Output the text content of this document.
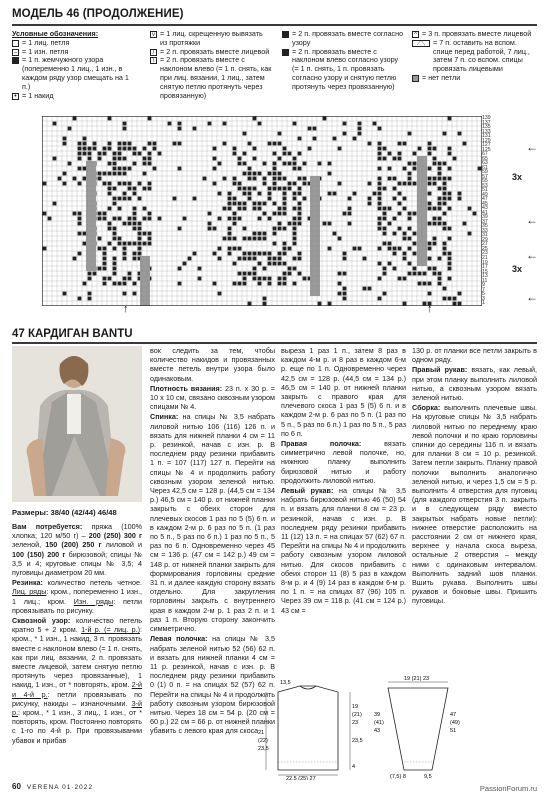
МОДЕЛЬ 46 (ПРОДОЛЖЕНИЕ)
Условные обозначения:
= 1 лиц. петля
– = 1 изн. петля
= 1 п. жемчужного узора (попеременно 1 лиц., 1 изн., в каждом ряду узор смещать на 1 п.)
•
= 1 накид
v
= 1 лиц. скрещенную вывязать из протяжки
/ = 2 п. провязать вместе лицевой
\ = 2 п. провязать вместе с наклоном влево (= 1 п. снять, как при лиц. вязании, 1 лиц., затем снятую петлю протянуть через провязанную)
= 2 п. провязать вместе согласно узору
= 2 п. провязать вместе с наклоном влево согласно узору (= 1 п. снять, 1 п. провязать согласно узору и снятую петлю протянуть через провязанную)
^ = 3 п. провязать вместе лицевой
⟋⟍	= 7 п. оставить на вспом. спице перед работой, 7 лиц., затем 7 п. со вспом. спицы провязать лицевыми
= нет петли
139
137
135
133
131
129
127
125
67
65
63
61
59
57
55
53
51
49
47
45
43
41
39
37
35
33
31
29
27
25
23
21
19
17
15
13
11
9
7
5
3
1
3x
3x
←
←
←
←
↑	↑
47 КАРДИГАН BANTU
Размеры: 38/40 (42/44) 46/48

Вам потребуется: пряжа (100% хлопка; 120 м/50 г) – 200 (250) 300 г зеленой, 150 (200) 250 г лиловой и 100 (150) 200 г бирюзовой; спицы № 3,5 и 4; круговые спицы № 3,5; 4 пуговицы диаметром 20 мм.

Резинка: количество петель четное. Лиц. ряды: кром., попеременно 1 изн., 1 лиц.; кром. Изн. ряды: петли провязывать по рисунку.

Сквозной узор: количество петель кратно 5 + 2 кром. 1-й р. (= лиц. р.): кром., * 1 изн., 1 накид, 3 п. провязать вместе с наклоном влево (= 1 п. снять, как при лиц. вязании, 2 п. провязать вместе лицевой, затем снятую петлю протянуть через провязанные), 1 накид, 1 изн., от * повторять, кром. 2-й и 4-й р.: петли провязывать по рисунку, накиды – изнаночными. 3-й р.: кром., * 1 изн., 3 лиц., 1 изн., от * повторять, кром. Постоянно повторять с 1-го по 4-й р. При провязывании убавок и прибав

вок следить за тем, чтобы количество накидов и провязанных вместе петель внутри узора было одинаковым.

Плотность вязания: 23 п. x 30 р. = 10 x 10 см, связано сквозным узором спицами № 4.

Спинка: на спицы № 3,5 набрать лиловой нитью 106 (116) 126 п. и вязать для нижней планки 4 см = 11 р. резинкой, начав с изн. р. В последнем ряду резинки прибавить 1 п. = 107 (117) 127 п. Перейти на спицы № 4 и продолжить работу сквозным узором зеленой нитью. Через 42,5 см = 128 р. (44,5 см = 134 р.) 46,5 см = 140 р. от нижней планки закрыть с обеих сторон для плечевых скосов 1 раз по 5 (5) 6 п. и в каждом 2-м р. 6 раз по 5 п. (1 раз по 5 п., 5 раз по 6 п.) 1 раз по 5 п., 5 раз по 6 п. Одновременно через 45 см = 136 р. (47 см = 142 р.) 49 см = 148 р. от нижней планки закрыть для формирования горловины средние 31 п. и далее каждую сторону вязать отдельно. Для закругления горловины закрыть с внутреннего края в каждом 2-м р. 1 раз 2 п. и 1 раз 1 п. Вторую сторону закончить симметрично.

Левая полочка: на спицы № 3,5 набрать зеленой нитью 52 (56) 62 п. и вязать для нижней планки 4 см = 11 р. резинкой, начав с изн. р. В последнем ряду резинки прибавить 0 (1) 0 п. = на спицах 52 (57) 62 п. Перейти на спицы № 4 и продолжить работу сквозным узором бирюзовой нитью. Через 18 см = 54 р. (20 см = 60 р.) 22 см = 66 р. от нижней планки убавить с левого края для скоса

выреза 1 раз 1 п., затем 8 раз в каждом 4-м р. и 8 раз в каждом 6-м р. еще по 1 п. Одновременно через 42,5 см = 128 р. (44,5 см = 134 р.) 46,5 см = 140 р. от нижней планки закрыть с правого края для плечевого скоса 1 раз 5 (5) 6 п. и в каждом 2-м р. 6 раз по 5 п. (1 раз по 5 п., 5 раз по 6 п.) 1 раз по 5 п., 5 раз по 6 п.

Правая полочка: вязать симметрично левой полочке, но, нижнюю планку выполнить бирюзовой нитью и работу продолжить лиловой нитью.

Левый рукав: на спицы № 3,5 набрать бирюзовой нитью 46 (50) 54 п. и вязать для планки 8 см = 23 р. резинкой, начав с изн. р. В последнем ряду резинки прибавить 11 (12) 13 п. = на спицах 57 (62) 67 п. Перейти на спицы № 4 и продолжить работу сквозным узором лиловой нитью. Для скосов прибавить с обеих сторон 11 (8) 5 раз в каждом 8-м р. и 4 (9) 14 раз в каждом 6-м р. по 1 п. = на спицах 87 (96) 105 п. Через 39 см = 118 р. (41 см = 124 р.) 43 см =

130 р. от планки все петли закрыть в одном ряду.

Правый рукав: вязать, как левый, при этом планку выполнить лиловой нитью, а сквозным узором вязать зеленой нитью.

Сборка: выполнить плечевые швы. На круговые спицы № 3,5 набрать лиловой нитью по переднему краю левой полочки и по краю горловины спинки до середины 116 п. и вязать для планки 8 см = 10 р. резинкой. Затем петли закрыть. Планку правой полочки выполнить аналогично зеленой нитью, и через 1,5 см = 5 р. выполнить 4 отверстия для пуговиц (для каждого отверстия 3 п. закрыть и в следующем ряду вместо закрытых набрать новые петли): нижнее отверстие расположить на расстоянии 2 см от нижнего края, верхнее у начала скоса выреза, остальные 2 отверстия – между ними с одинаковым интервалом. Выполнить задний шов планки. Вшить рукава. Выполнить швы рукавов и боковые швы. Пришить пуговицы.

13,5
19
(21)
23
23,5
4
21
(22)
23,5
22,5 (25) 27
19 (21) 23
39
(41)
43
47
(49)
51
(7,5) 8	9,5
60 VERENA 01·2022	PassionForum.ru
